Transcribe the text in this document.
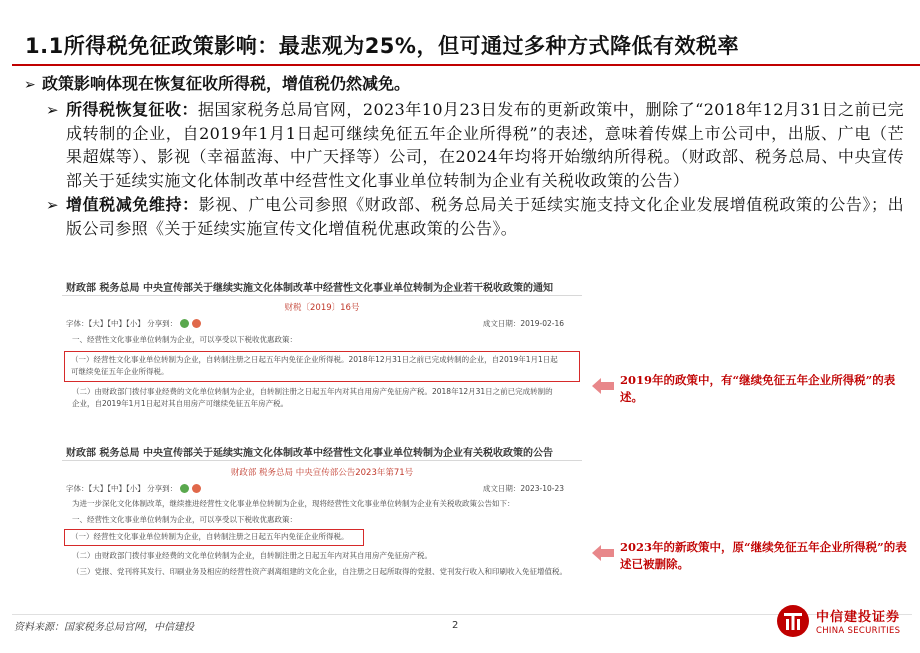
1.1所得税免征政策影响：最悲观为25%，但可通过多种方式降低有效税率
➢ 政策影响体现在恢复征收所得税，增值税仍然减免。
➢ 所得税恢复征收：据国家税务总局官网，2023年10月23日发布的更新政策中，删除了“2018年12月31日之前已完成转制的企业，自2019年1月1日起可继续免征五年企业所得税”的表述，意味着传媒上市公司中，出版、广电（芒果超媒等）、影视（幸福蓝海、中广天择等）公司，在2024年均将开始缴纳所得税。（财政部、税务总局、中央宣传部关于延续实施文化体制改革中经营性文化事业单位转制为企业有关税收政策的公告）
➢ 增值税减免维持：影视、广电公司参照《财政部、税务总局关于延续实施支持文化企业发展增值税政策的公告》；出版公司参照《关于延续实施宣传文化增值税优惠政策的公告》。
财政部 税务总局 中央宣传部关于继续实施文化体制改革中经营性文化事业单位转制为企业若干税收政策的通知
财税〔2019〕16号
字体：【大】【中】【小】 分享到：	成文日期：2019-02-16
一、经营性文化事业单位转制为企业，可以享受以下税收优惠政策：
（一）经营性文化事业单位转制为企业，自转制注册之日起五年内免征企业所得税。2018年12月31日之前已完成转制的企业，自2019年1月1日起
可继续免征五年企业所得税。
（二）由财政部门拨付事业经费的文化单位转制为企业，自转制注册之日起五年内对其自用房产免征房产税。2018年12月31日之前已完成转制的
企业，自2019年1月1日起对其自用房产可继续免征五年房产税。
财政部 税务总局 中央宣传部关于延续实施文化体制改革中经营性文化事业单位转制为企业有关税收政策的公告
财政部 税务总局 中央宣传部公告2023年第71号
字体：【大】【中】【小】 分享到：	成文日期：2023-10-23
为进一步深化文化体制改革，继续推进经营性文化事业单位转制为企业，现将经营性文化事业单位转制为企业有关税收政策公告如下：
一、经营性文化事业单位转制为企业，可以享受以下税收优惠政策：
（一）经营性文化事业单位转制为企业，自转制注册之日起五年内免征企业所得税。
（二）由财政部门拨付事业经费的文化单位转制为企业，自转制注册之日起五年内对其自用房产免征房产税。
（三）党报、党刊将其发行、印刷业务及相应的经营性资产剥离组建的文化企业，自注册之日起所取得的党报、党刊发行收入和印刷收入免征增值税。
2019年的政策中，有“继续免征五年企业所得税”的表述。
2023年的新政策中，原“继续免征五年企业所得税”的表述已被删除。
资料来源：国家税务总局官网，中信建投	2
中信建投证券
CHINA SECURITIES
